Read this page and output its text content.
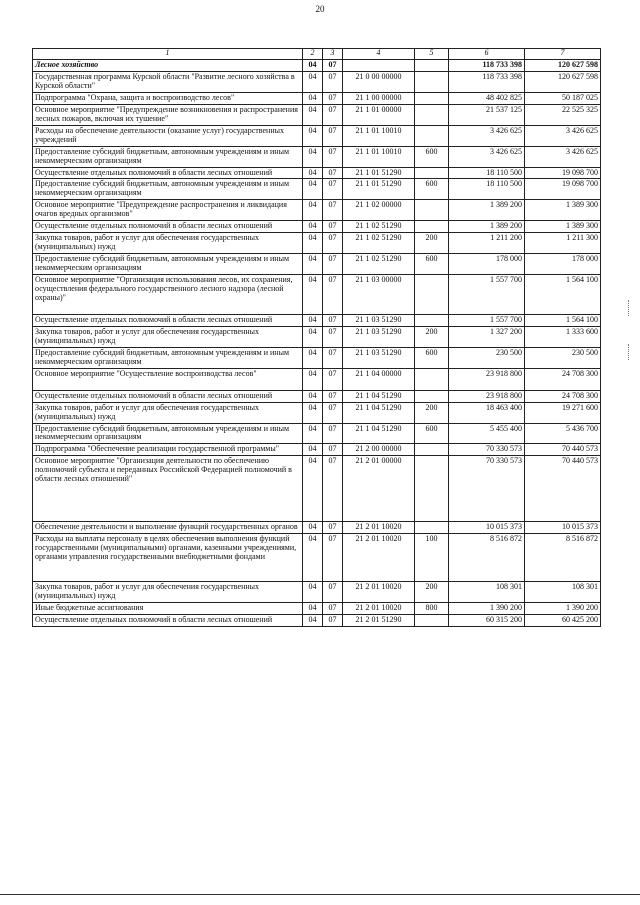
20
1	2	3	4	5	6	7
Лесное хозяйство	04	07			118 733 398	120 627 598
Государственная программа Курской области "Развитие лесного хозяйства в Курской области"	04	07	21 0 00 00000		118 733 398	120 627 598
Подпрограмма "Охрана, защита и воспроизводство лесов"	04	07	21 1 00 00000		48 402 825	50 187 025
Основное мероприятие "Предупреждение возникновения и распространения лесных пожаров, включая их тушение"	04	07	21 1 01 00000		21 537 125	22 525 325
Расходы на обеспечение деятельности (оказание услуг) государственных учреждений	04	07	21 1 01 10010		3 426 625	3 426 625
Предоставление субсидий бюджетным, автономным учреждениям и иным некоммерческим организациям	04	07	21 1 01 10010	600	3 426 625	3 426 625
Осуществление отдельных полномочий в области лесных отношений	04	07	21 1 01 51290		18 110 500	19 098 700
Предоставление субсидий бюджетным, автономным учреждениям и иным некоммерческим организациям	04	07	21 1 01 51290	600	18 110 500	19 098 700
Основное мероприятие "Предупреждение распространения и ликвидация очагов вредных организмов"	04	07	21 1 02 00000		1 389 200	1 389 300
Осуществление отдельных полномочий в области лесных отношений	04	07	21 1 02 51290		1 389 200	1 389 300
Закупка товаров, работ и услуг для обеспечения государственных (муниципальных) нужд	04	07	21 1 02 51290	200	1 211 200	1 211 300
Предоставление субсидий бюджетным, автономным учреждениям и иным некоммерческим организациям	04	07	21 1 02 51290	600	178 000	178 000
Основное мероприятие "Организация использования лесов, их сохранения, осуществления федерального государственного лесного надзора (лесной охраны)"	04	07	21 1 03 00000		1 557 700	1 564 100
Осуществление отдельных полномочий в области лесных отношений	04	07	21 1 03 51290		1 557 700	1 564 100
Закупка товаров, работ и услуг для обеспечения государственных (муниципальных) нужд	04	07	21 1 03 51290	200	1 327 200	1 333 600
Предоставление субсидий бюджетным, автономным учреждениям и иным некоммерческим организациям	04	07	21 1 03 51290	600	230 500	230 500
Основное мероприятие "Осуществление воспроизводства лесов"	04	07	21 1 04 00000		23 918 800	24 708 300
Осуществление отдельных полномочий в области лесных отношений	04	07	21 1 04 51290		23 918 800	24 708 300
Закупка товаров, работ и услуг для обеспечения государственных (муниципальных) нужд	04	07	21 1 04 51290	200	18 463 400	19 271 600
Предоставление субсидий бюджетным, автономным учреждениям и иным некоммерческим организациям	04	07	21 1 04 51290	600	5 455 400	5 436 700
Подпрограмма "Обеспечение реализации государственной программы"	04	07	21 2 00 00000		70 330 573	70 440 573
Основное мероприятие "Организация деятельности по обеспечению полномочий субъекта и переданных Российской Федерацией полномочий в области лесных отношений"	04	07	21 2 01 00000		70 330 573	70 440 573
Обеспечение деятельности и выполнение функций государственных органов	04	07	21 2 01 10020		10 015 373	10 015 373
Расходы на выплаты персоналу в целях обеспечения выполнения функций государственными (муниципальными) органами, казенными учреждениями, органами управления государственными внебюджетными фондами	04	07	21 2 01 10020	100	8 516 872	8 516 872
Закупка товаров, работ и услуг для обеспечения государственных (муниципальных) нужд	04	07	21 2 01 10020	200	108 301	108 301
Иные бюджетные ассигнования	04	07	21 2 01 10020	800	1 390 200	1 390 200
Осуществление отдельных полномочий в области лесных отношений	04	07	21 2 01 51290		60 315 200	60 425 200
